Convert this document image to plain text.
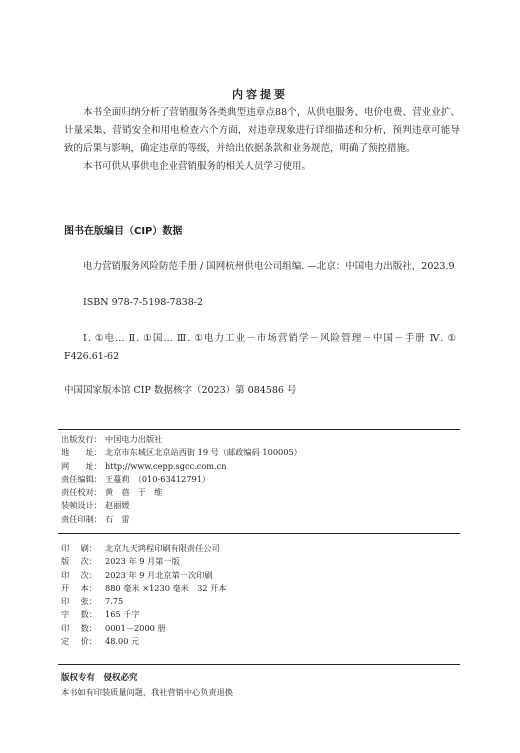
内容提要

本书全面归纳分析了营销服务各类典型违章点88个，从供电服务、电价电费、营业业扩、计量采集、营销安全和用电检查六个方面，对违章现象进行详细描述和分析，预判违章可能导致的后果与影响，确定违章的等级，并给出依据条款和业务规范，明确了预控措施。

本书可供从事供电企业营销服务的相关人员学习使用。

图书在版编目（CIP）数据

电力营销服务风险防范手册 / 国网杭州供电公司组编. —北京：中国电力出版社，2023.9

ISBN 978-7-5198-7838-2

Ⅰ. ①电… Ⅱ. ①国… Ⅲ. ①电力工业－市场营销学－风险管理－中国－手册 Ⅳ. ① F426.61-62

中国国家版本馆 CIP 数据核字（2023）第 084586 号

出版发行： 中国电力出版社
地　　址： 北京市东城区北京站西街 19 号（邮政编码 100005）
网　　址： http://www.cepp.sgcc.com.cn
责任编辑： 王蔓莉　（010-63412791）
责任校对： 黄　蓓　于　维
装帧设计： 赵丽媛
责任印制： 石　雷
印 刷： 北京九天鸿程印刷有限责任公司
版 次： 2023 年 9 月第一版
印 次： 2023 年 9 月北京第一次印刷
开 本： 880 毫米 ×1230 毫米　32 开本
印 张： 7.75
字 数： 165 千字
印 数： 0001－2000 册
定 价： 48.00 元
版权专有　侵权必究
本书如有印装质量问题，我社营销中心负责退换
